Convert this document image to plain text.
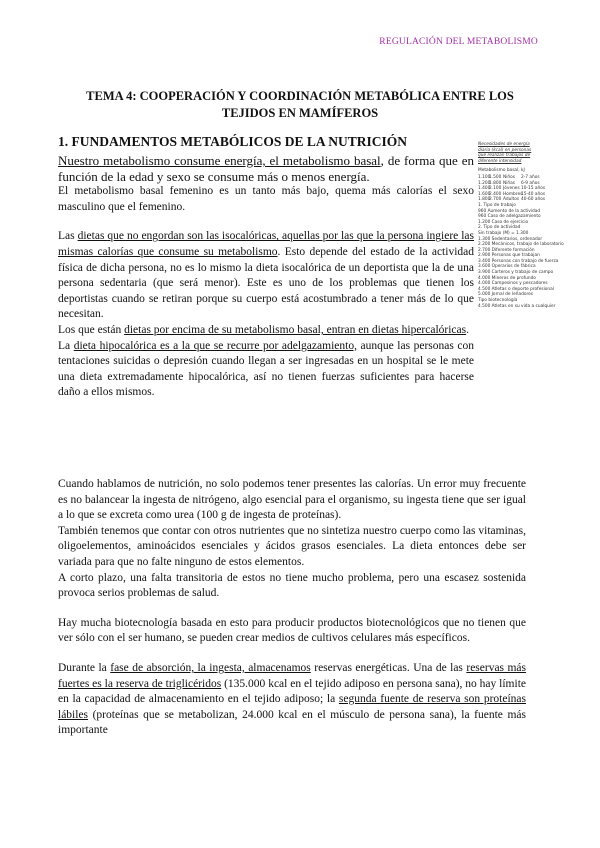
REGULACIÓN DEL METABOLISMO
TEMA 4: COOPERACIÓN Y COORDINACIÓN METABÓLICA ENTRE LOS
TEJIDOS EN MAMÍFEROS
1. FUNDAMENTOS METABÓLICOS DE LA NUTRICIÓN

Nuestro metabolismo consume energía, el metabolismo basal, de forma que en función de la edad y sexo se consume más o menos energía.

El metabolismo basal femenino es un tanto más bajo, quema más calorías el sexo masculino que el femenino.

Las dietas que no engordan son las isocalóricas, aquellas por las que la persona ingiere las mismas calorías que consume su metabolismo. Esto depende del estado de la actividad física de dicha persona, no es lo mismo la dieta isocalórica de un deportista que la de una persona sedentaria (que será menor). Este es uno de los problemas que tienen los deportistas cuando se retiran porque su cuerpo está acostumbrado a tener más de lo que necesitan.

Los que están dietas por encima de su metabolismo basal, entran en dietas hipercalóricas.

La dieta hipocalórica es a la que se recurre por adelgazamiento, aunque las personas con tentaciones suicidas o depresión cuando llegan a ser ingresadas en un hospital se le mete una dieta extremadamente hipocalórica, así no tienen fuerzas suficientes para hacerse daño a ellos mismos.

Cuando hablamos de nutrición, no solo podemos tener presentes las calorías. Un error muy frecuente es no balancear la ingesta de nitrógeno, algo esencial para el organismo, su ingesta tiene que ser igual a lo que se excreta como urea (100 g de ingesta de proteínas).

También tenemos que contar con otros nutrientes que no sintetiza nuestro cuerpo como las vitaminas, oligoelementos, aminoácidos esenciales y ácidos grasos esenciales. La dieta entonces debe ser variada para que no falte ninguno de estos elementos.

A corto plazo, una falta transitoria de estos no tiene mucho problema, pero una escasez sostenida provoca serios problemas de salud.

Hay mucha biotecnología basada en esto para producir productos biotecnológicos que no tienen que ver sólo con el ser humano, se pueden crear medios de cultivos celulares más específicos.

Durante la fase de absorción, la ingesta, almacenamos reservas energéticas. Una de las reservas más fuertes es la reserva de triglicéridos (135.000 kcal en el tejido adiposo en persona sana), no hay límite en la capacidad de almacenamiento en el tejido adiposo; la segunda fuente de reserva son proteínas lábiles (proteínas que se metabolizan, 24.000 kcal en el músculo de persona sana), la fuente más importante

Necesidades de energía diaria (kcal) en personas que realizan trabajos de diferente intensidad
Metabolismo basal, kJ
1.1001.500 Niños 2-7 años
1.2001.800 Niñas 6-9 años
1.4002.100 Jóvenes10-15 años
1.6002.400 Hombres15-40 años
1.8002.700 Adultos 40-60 años
1. Tipo de trabajo
960 Aumento de la actividad
960 Caso de adelgazamiento
1.200 Caso de ejercicio
2. Tipo de actividad
Sin trabajo (M) = 1.300
1.300 Sedentarios, ordenador
2.200 Mecánicos, trabajo de laboratorio
2.700 Diferente formación
2.900 Personas que trabajan
3.400 Personas con trabajo de fuerza
3.600 Operarios de fábrica
3.900 Carteros y trabajo de campo
4.000 Mineros de profundo
4.000 Campesinos y pescadores
4.500 Atletas o deporte profesional
5.000 Jornal de leñadores
Tipo biotecnología
4.500 Atletas en su vida a cualquier
